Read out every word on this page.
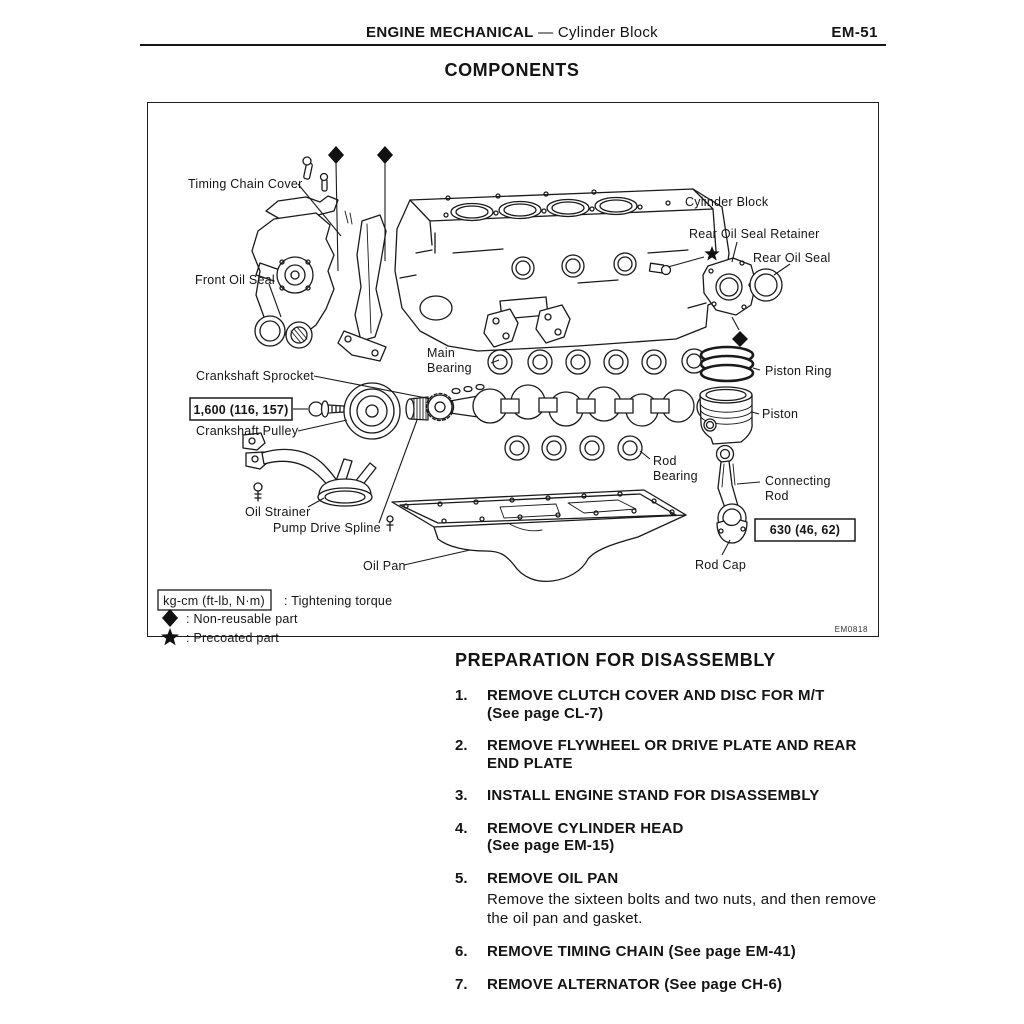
ENGINE MECHANICAL — Cylinder Block	EM-51
COMPONENTS
Timing Chain Cover
Front Oil Seal
Cylinder Block
Rear Oil Seal Retainer
Rear Oil Seal
Main
Bearing
Crankshaft Sprocket
Crankshaft Pulley
Oil Strainer
Pump Drive Spline
Oil Pan
Piston Ring
Piston
Rod
Bearing	Connecting
Rod
Rod Cap
1,600 (116, 157)
630 (46, 62)
kg-cm (ft-lb, N·m) : Tightening torque
: Non-reusable part
: Precoated part
EM0818
PREPARATION FOR DISASSEMBLY
1.	REMOVE CLUTCH COVER AND DISC FOR M/T
(See page CL-7)
2.	REMOVE FLYWHEEL OR DRIVE PLATE AND REAR END PLATE
3.	INSTALL ENGINE STAND FOR DISASSEMBLY
4.	REMOVE CYLINDER HEAD
(See page EM-15)
5.	REMOVE OIL PAN
Remove the sixteen bolts and two nuts, and then remove the oil pan and gasket.
6.	REMOVE TIMING CHAIN (See page EM-41)
7.	REMOVE ALTERNATOR (See page CH-6)
